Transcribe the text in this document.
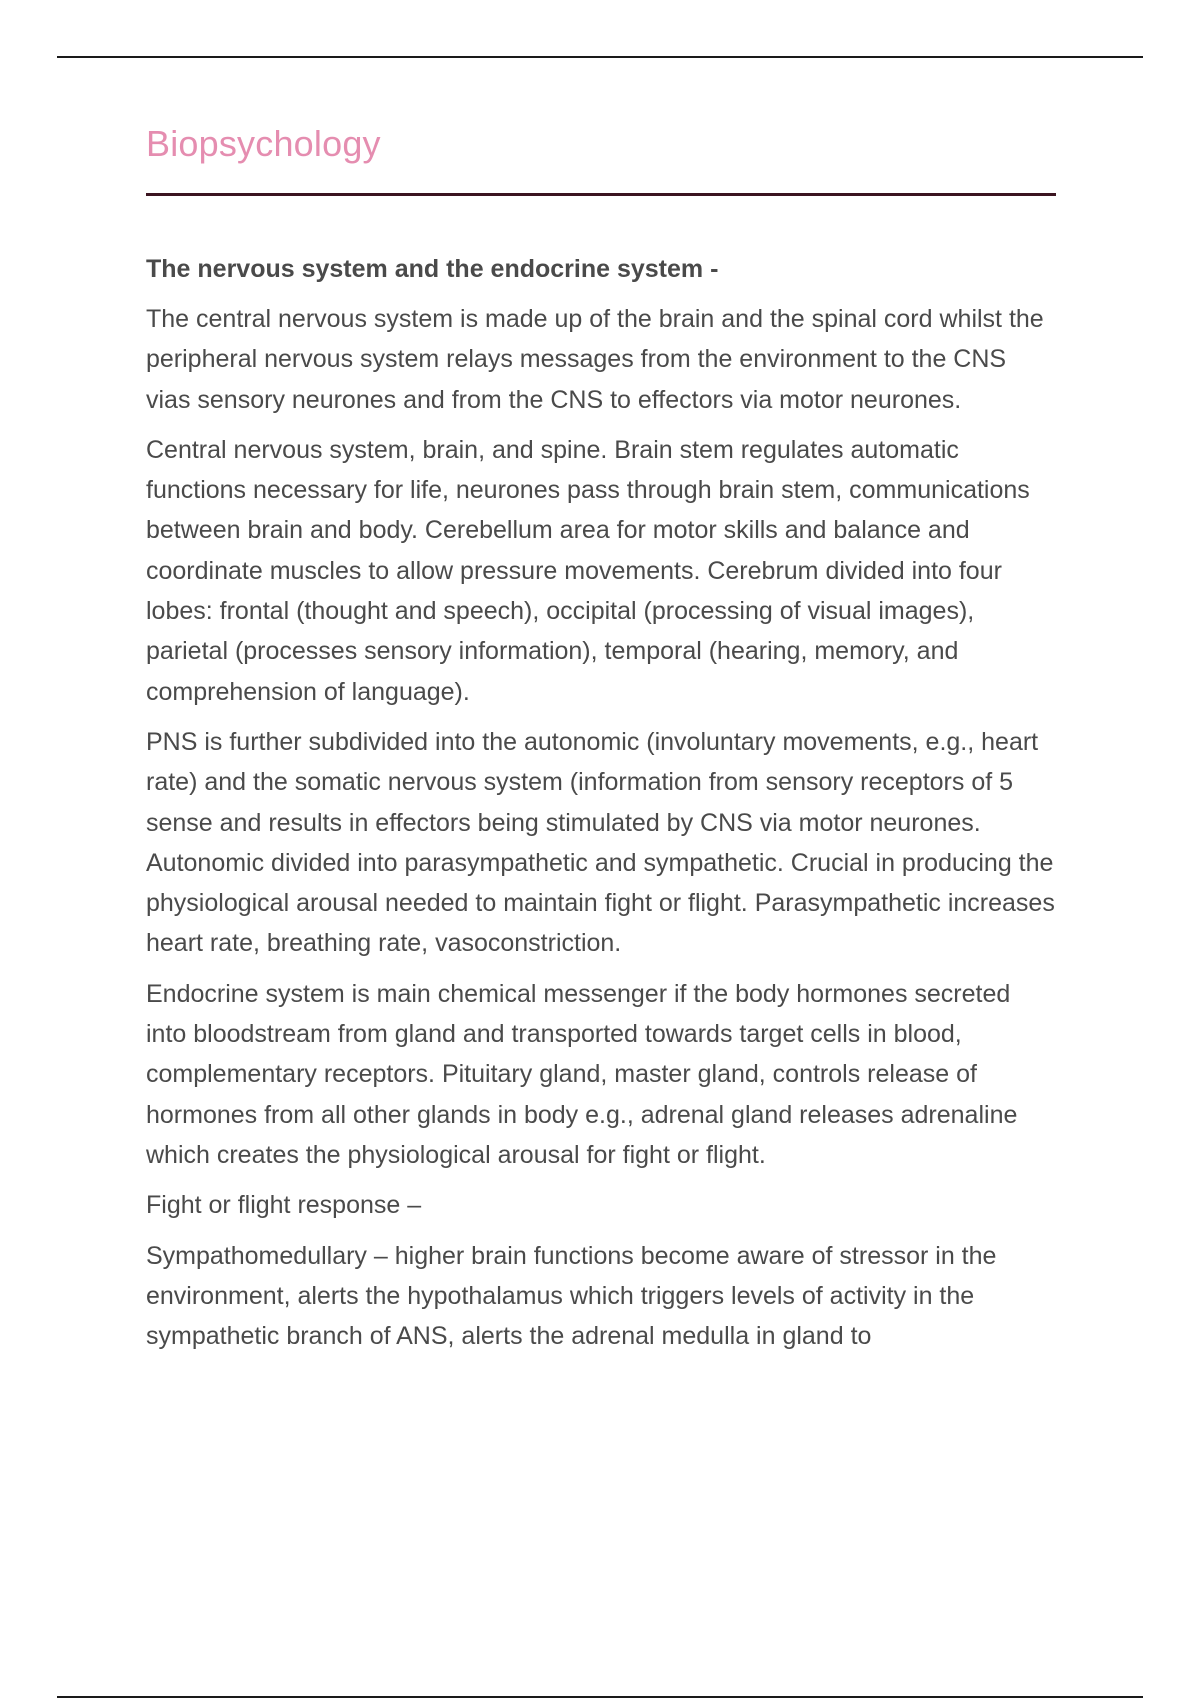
Biopsychology

The nervous system and the endocrine system -

The central nervous system is made up of the brain and the spinal cord whilst the peripheral nervous system relays messages from the environment to the CNS vias sensory neurones and from the CNS to effectors via motor neurones.

Central nervous system, brain, and spine. Brain stem regulates automatic functions necessary for life, neurones pass through brain stem, communications between brain and body. Cerebellum area for motor skills and balance and coordinate muscles to allow pressure movements. Cerebrum divided into four lobes: frontal (thought and speech), occipital (processing of visual images), parietal (processes sensory information), temporal (hearing, memory, and comprehension of language).

PNS is further subdivided into the autonomic (involuntary movements, e.g., heart rate) and the somatic nervous system (information from sensory receptors of 5 sense and results in effectors being stimulated by CNS via motor neurones. Autonomic divided into parasympathetic and sympathetic. Crucial in producing the physiological arousal needed to maintain fight or flight. Parasympathetic increases heart rate, breathing rate, vasoconstriction.

Endocrine system is main chemical messenger if the body hormones secreted into bloodstream from gland and transported towards target cells in blood, complementary receptors. Pituitary gland, master gland, controls release of hormones from all other glands in body e.g., adrenal gland releases adrenaline which creates the physiological arousal for fight or flight.

Fight or flight response –

Sympathomedullary – higher brain functions become aware of stressor in the environment, alerts the hypothalamus which triggers levels of activity in the sympathetic branch of ANS, alerts the adrenal medulla in gland to
